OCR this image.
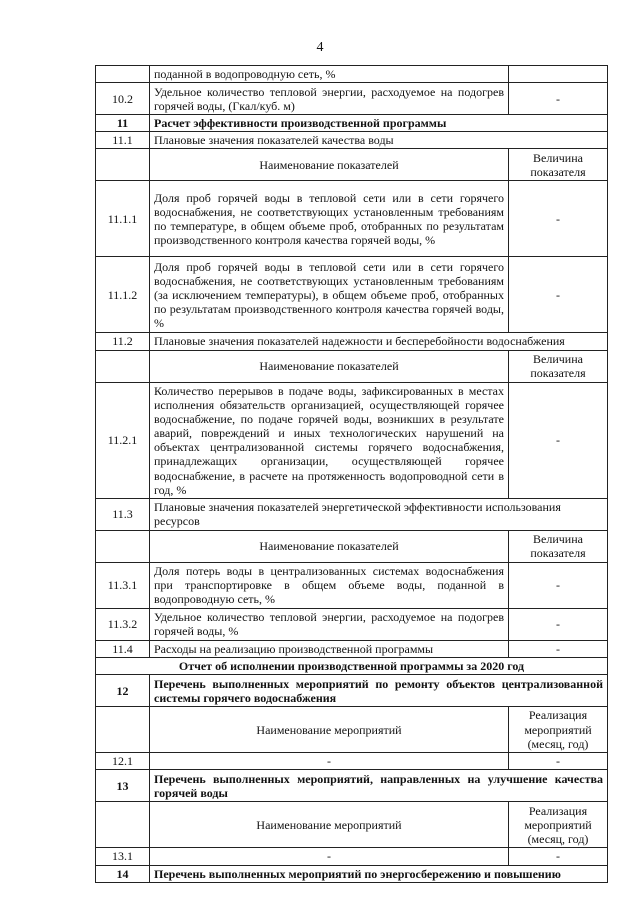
4
	поданной в водопроводную сеть, %	
10.2	Удельное количество тепловой энергии, расходуемое на подогрев горячей воды, (Гкал/куб. м)	-
11	Расчет эффективности производственной программы	
11.1	Плановые значения показателей качества воды	
	Наименование показателей	Величина показателя
11.1.1	Доля проб горячей воды в тепловой сети или в сети горячего водоснабжения, не соответствующих установленным требованиям по температуре, в общем объеме проб, отобранных по результатам производственного контроля качества горячей воды, %	-
11.1.2	Доля проб горячей воды в тепловой сети или в сети горячего водоснабжения, не соответствующих установленным требованиям (за исключением температуры), в общем объеме проб, отобранных по результатам производственного контроля качества горячей воды, %	-
11.2	Плановые значения показателей надежности и бесперебойности водоснабжения	
	Наименование показателей	Величина показателя
11.2.1	Количество перерывов в подаче воды, зафиксированных в местах исполнения обязательств организацией, осуществляющей горячее водоснабжение, по подаче горячей воды, возникших в результате аварий, повреждений и иных технологических нарушений на объектах централизованной системы горячего водоснабжения, принадлежащих организации, осуществляющей горячее водоснабжение, в расчете на протяженность водопроводной сети в год, %	-
11.3	Плановые значения показателей энергетической эффективности использования ресурсов	
	Наименование показателей	Величина показателя
11.3.1	Доля потерь воды в централизованных системах водоснабжения при транспортировке в общем объеме воды, поданной в водопроводную сеть, %	-
11.3.2	Удельное количество тепловой энергии, расходуемое на подогрев горячей воды, %	-
11.4	Расходы на реализацию производственной программы	-
Отчет об исполнении производственной программы за 2020 год		
12	Перечень выполненных мероприятий по ремонту объектов централизованной системы горячего водоснабжения	
	Наименование мероприятий	Реализация мероприятий (месяц, год)
12.1	-	-
13	Перечень выполненных мероприятий, направленных на улучшение качества горячей воды	
	Наименование мероприятий	Реализация мероприятий (месяц, год)
13.1	-	-
14	Перечень выполненных мероприятий по энергосбережению и повышению	
